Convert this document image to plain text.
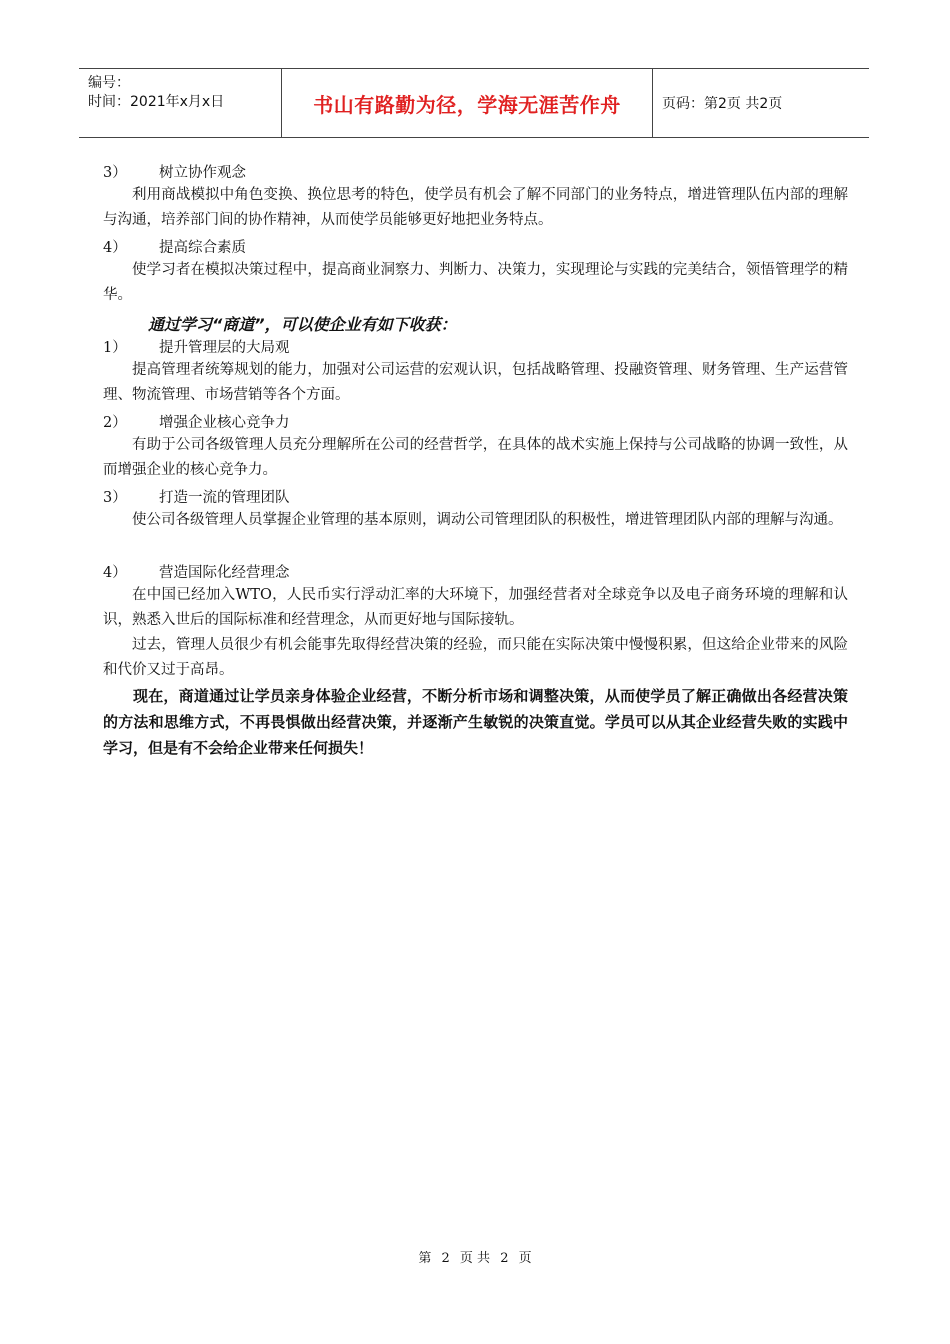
编号：
时间：2021年x月x日	书山有路勤为径，学海无涯苦作舟	页码：第2页 共2页
3） 树立协作观念
利用商战模拟中角色变换、换位思考的特色，使学员有机会了解不同部门的业务特点，增进管理队伍内部的理解与沟通，培养部门间的协作精神，从而使学员能够更好地把业务特点。
4） 提高综合素质
使学习者在模拟决策过程中，提高商业洞察力、判断力、决策力，实现理论与实践的完美结合，领悟管理学的精华。
通过学习“商道”，可以使企业有如下收获：
1） 提升管理层的大局观
提高管理者统筹规划的能力，加强对公司运营的宏观认识，包括战略管理、投融资管理、财务管理、生产运营管理、物流管理、市场营销等各个方面。
2） 增强企业核心竞争力
有助于公司各级管理人员充分理解所在公司的经营哲学，在具体的战术实施上保持与公司战略的协调一致性，从而增强企业的核心竞争力。
3） 打造一流的管理团队
使公司各级管理人员掌握企业管理的基本原则，调动公司管理团队的积极性，增进管理团队内部的理解与沟通。
4） 营造国际化经营理念
在中国已经加入WTO，人民币实行浮动汇率的大环境下，加强经营者对全球竞争以及电子商务环境的理解和认识，熟悉入世后的国际标准和经营理念，从而更好地与国际接轨。
过去，管理人员很少有机会能事先取得经营决策的经验，而只能在实际决策中慢慢积累，但这给企业带来的风险和代价又过于高昂。
现在，商道通过让学员亲身体验企业经营，不断分析市场和调整决策，从而使学员了解正确做出各经营决策的方法和思维方式，不再畏惧做出经营决策，并逐渐产生敏锐的决策直觉。学员可以从其企业经营失败的实践中学习，但是有不会给企业带来任何损失！
第 2 页 共 2 页
